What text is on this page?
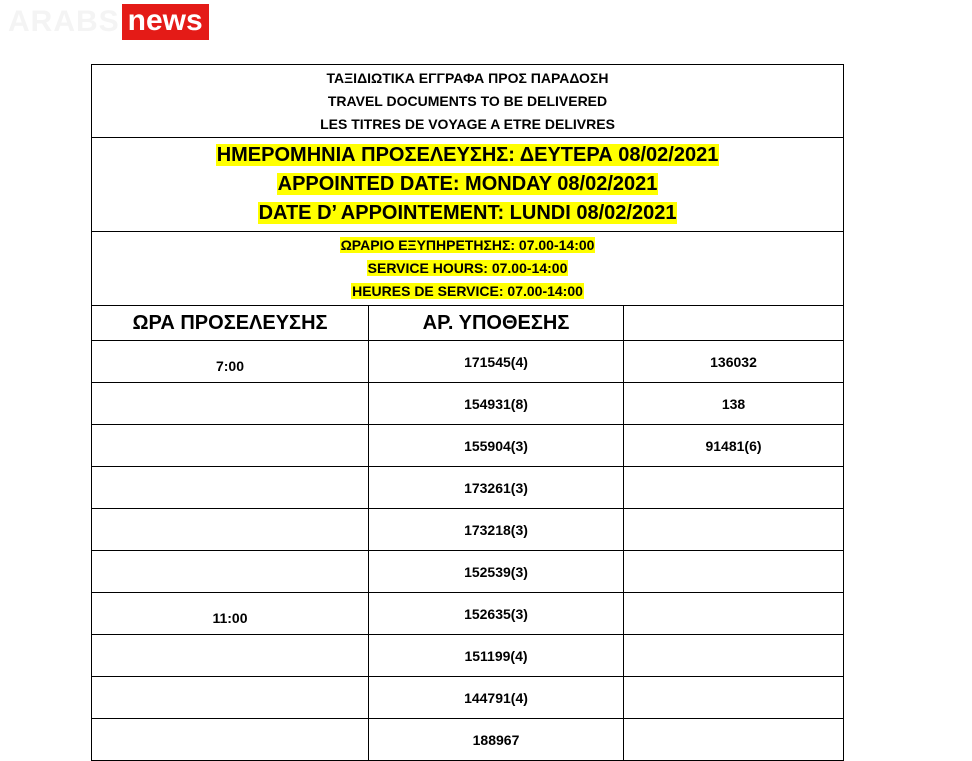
ARABS news
ΤΑΞΙΔΙΩΤΙΚΑ ΕΓΓΡΑΦΑ ΠΡΟΣ ΠΑΡΑΔΟΣΗ
TRAVEL DOCUMENTS TO BE DELIVERED
LES TITRES DE VOYAGE A ETRE DELIVRES		

ΗΜΕΡΟΜΗΝΙΑ ΠΡΟΣΕΛΕΥΣΗΣ: ΔΕΥΤΕΡΑ 08/02/2021
APPOINTED DATE: MONDAY 08/02/2021
DATE D’ APPOINTEMENT: LUNDI 08/02/2021		

ΩΡΑΡΙΟ ΕΞΥΠΗΡΕΤΗΣΗΣ: 07.00-14:00
SERVICE HOURS: 07.00-14:00
HEURES DE SERVICE: 07.00-14:00		

ΩΡΑ ΠΡΟΣΕΛΕΥΣΗΣ	ΑΡ. ΥΠΟΘΕΣΗΣ	
7:00	171545(4)	136032
	154931(8)	138
	155904(3)	91481(6)
	173261(3)	
	173218(3)	
	152539(3)	
11:00	152635(3)	
	151199(4)	
	144791(4)	
	188967	
